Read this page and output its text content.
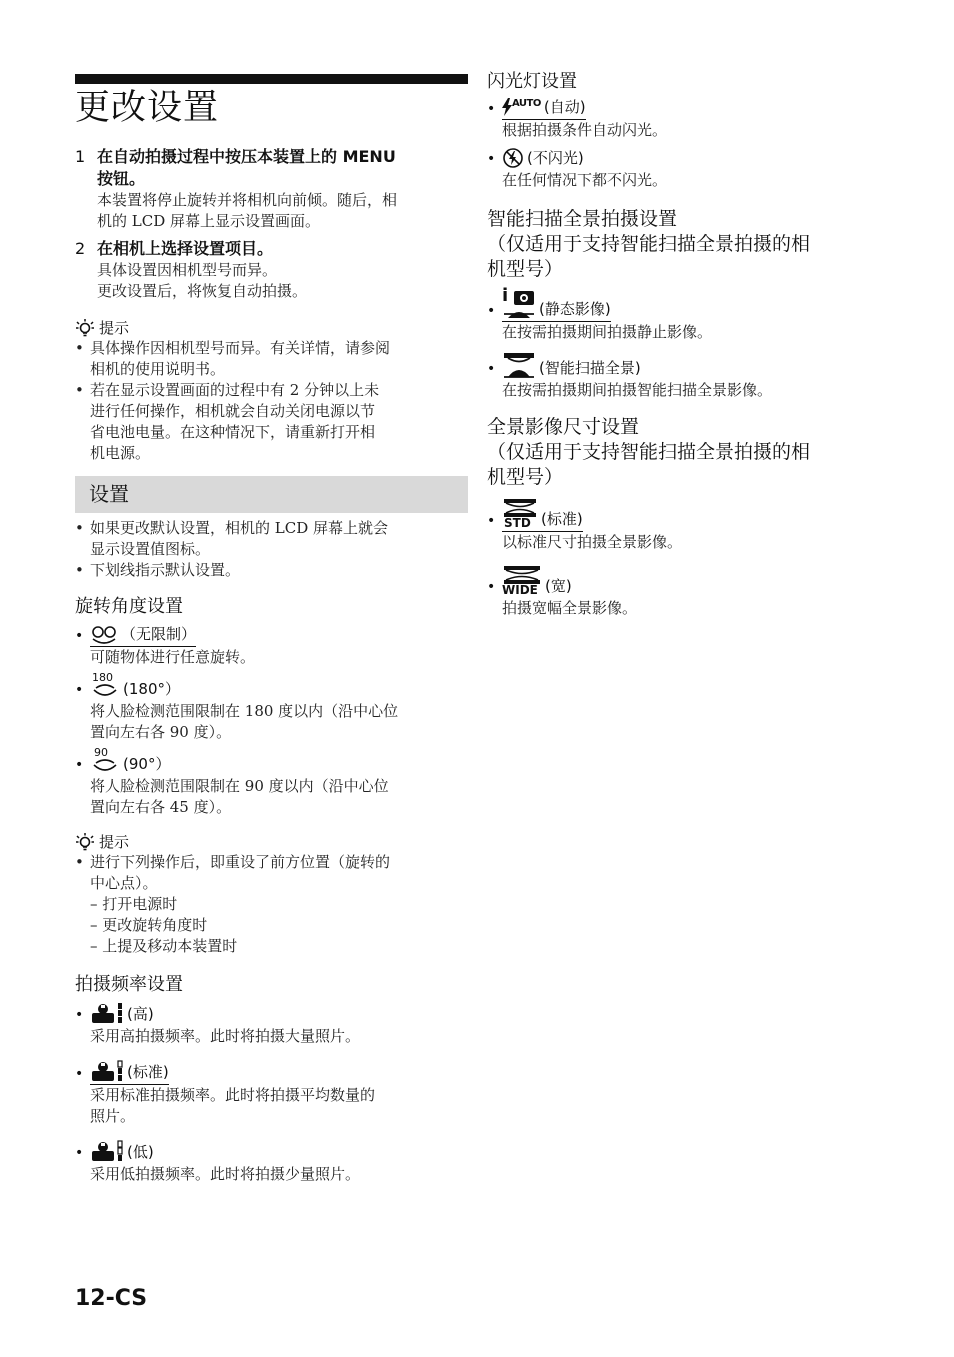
更改设置
1 在自动拍摄过程中按压本装置上的 MENU
按钮。
本装置将停止旋转并将相机向前倾。随后，相
机的 LCD 屏幕上显示设置画面。
2 在相机上选择设置项目。
具体设置因相机型号而异。
更改设置后，将恢复自动拍摄。
提示
• 具体操作因相机型号而异。有关详情，请参阅
相机的使用说明书。
• 若在显示设置画面的过程中有 2 分钟以上未
进行任何操作，相机就会自动关闭电源以节
省电池电量。在这种情况下，请重新打开相
机电源。
设置
• 如果更改默认设置，相机的 LCD 屏幕上就会
显示设置值图标。
• 下划线指示默认设置。
旋转角度设置
•	（无限制）
可随物体进行任意旋转。
•
180
(180°）
将人脸检测范围限制在 180 度以内（沿中心位
置向左右各 90 度）。
•
90
(90°）
将人脸检测范围限制在 90 度以内（沿中心位
置向左右各 45 度）。
提示
• 进行下列操作后，即重设了前方位置（旋转的
中心点）。
– 打开电源时
– 更改旋转角度时
– 上提及移动本装置时
拍摄频率设置
•	(高)
采用高拍摄频率。此时将拍摄大量照片。
•	(标准)
采用标准拍摄频率。此时将拍摄平均数量的
照片。
•	(低)
采用低拍摄频率。此时将拍摄少量照片。
闪光灯设置
• AUTO (自动)
根据拍摄条件自动闪光。
• (不闪光)
在任何情况下都不闪光。
智能扫描全景拍摄设置
（仅适用于支持智能扫描全景拍摄的相
机型号）
•
i
(静态影像)
在按需拍摄期间拍摄静止影像。
•	(智能扫描全景)
在按需拍摄期间拍摄智能扫描全景影像。
全景影像尺寸设置
（仅适用于支持智能扫描全景拍摄的相
机型号）
• STD (标准)
以标准尺寸拍摄全景影像。
• WIDE (宽)
拍摄宽幅全景影像。
12-CS
